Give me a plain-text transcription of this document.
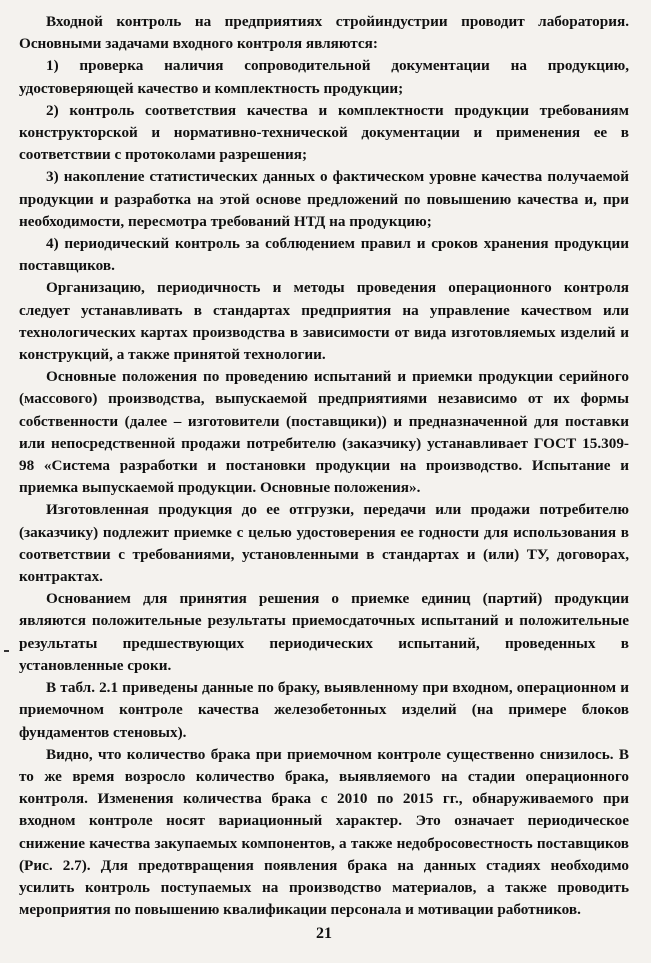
Входной контроль на предприятиях стройиндустрии проводит лаборатория. Основными задачами входного контроля являются:

1) проверка наличия сопроводительной документации на продукцию, удостоверяющей качество и комплектность продукции;

2) контроль соответствия качества и комплектности продукции требованиям конструкторской и нормативно-технической документации и применения ее в соответствии с протоколами разрешения;

3) накопление статистических данных о фактическом уровне качества получаемой продукции и разработка на этой основе предложений по повышению качества и, при необходимости, пересмотра требований НТД на продукцию;

4) периодический контроль за соблюдением правил и сроков хранения продукции поставщиков.

Организацию, периодичность и методы проведения операционного контроля следует устанавливать в стандартах предприятия на управление качеством или технологических картах производства в зависимости от вида изготовляемых изделий и конструкций, а также принятой технологии.

Основные положения по проведению испытаний и приемки продукции серийного (массового) производства, выпускаемой предприятиями независимо от их формы собственности (далее – изготовители (поставщики)) и предназначенной для поставки или непосредственной продажи потребителю (заказчику) устанавливает ГОСТ 15.309-98 «Система разработки и постановки продукции на производство. Испытание и приемка выпускаемой продукции. Основные положения».

Изготовленная продукция до ее отгрузки, передачи или продажи потребителю (заказчику) подлежит приемке с целью удостоверения ее годности для использования в соответствии с требованиями, установленными в стандартах и (или) ТУ, договорах, контрактах.

Основанием для принятия решения о приемке единиц (партий) продукции являются положительные результаты приемосдаточных испытаний и положительные результаты предшествующих периодических испытаний, проведенных в установленные сроки.

В табл. 2.1 приведены данные по браку, выявленному при входном, операционном и приемочном контроле качества железобетонных изделий (на примере блоков фундаментов стеновых).

Видно, что количество брака при приемочном контроле существенно снизилось. В то же время возросло количество брака, выявляемого на стадии операционного контроля. Изменения количества брака с 2010 по 2015 гг., обнаруживаемого при входном контроле носят вариационный характер. Это означает периодическое снижение качества закупаемых компонентов, а также недобросовестность поставщиков (Рис. 2.7). Для предотвращения появления брака на данных стадиях необходимо усилить контроль поступаемых на производство материалов, а также проводить мероприятия по повышению квалификации персонала и мотивации работников.

21
